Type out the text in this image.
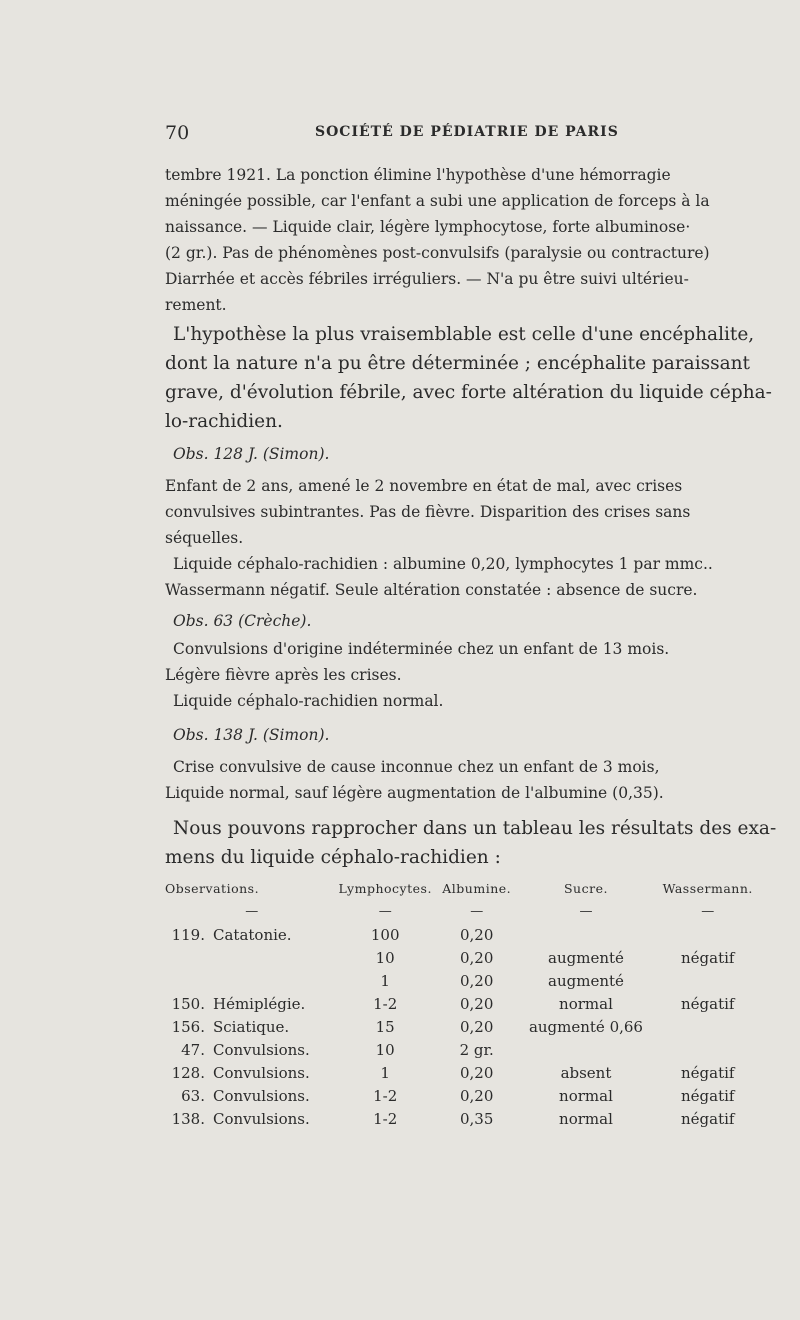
70	SOCIÉTÉ DE PÉDIATRIE DE PARIS
tembre 1921. La ponction élimine l'hypothèse d'une hémorragie
méningée possible, car l'enfant a subi une application de forceps à la
naissance. — Liquide clair, légère lymphocytose, forte albuminose·
(2 gr.). Pas de phénomènes post-convulsifs (paralysie ou contracture)
Diarrhée et accès fébriles irréguliers. — N'a pu être suivi ultérieu-
rement.
L'hypothèse la plus vraisemblable est celle d'une encéphalite,
dont la nature n'a pu être déterminée ; encéphalite paraissant
grave, d'évolution fébrile, avec forte altération du liquide cépha-
lo-rachidien.
Obs. 128 J. (Simon).
Enfant de 2 ans, amené le 2 novembre en état de mal, avec crises
convulsives subintrantes. Pas de fièvre. Disparition des crises sans
séquelles.
Liquide céphalo-rachidien : albumine 0,20, lymphocytes 1 par mmc..
Wassermann négatif. Seule altération constatée : absence de sucre.
Obs. 63 (Crèche).
Convulsions d'origine indéterminée chez un enfant de 13 mois.
Légère fièvre après les crises.
Liquide céphalo-rachidien normal.
Obs. 138 J. (Simon).
Crise convulsive de cause inconnue chez un enfant de 3 mois,
Liquide normal, sauf légère augmentation de l'albumine (0,35).
Nous pouvons rapprocher dans un tableau les résultats des exa-
mens du liquide céphalo-rachidien :
Observations.	Lymphocytes.	Albumine.	Sucre.	Wassermann.
—	—	—	—	—
119. Catatonie.	100	0,20		
	10	0,20	augmenté	négatif
	1	0,20	augmenté	
150. Hémiplégie.	1-2	0,20	normal	négatif
156. Sciatique.	15	0,20	augmenté 0,66	
47. Convulsions.	10	2 gr.		
128. Convulsions.	1	0,20	absent	négatif
63. Convulsions.	1-2	0,20	normal	négatif
138. Convulsions.	1-2	0,35	normal	négatif
